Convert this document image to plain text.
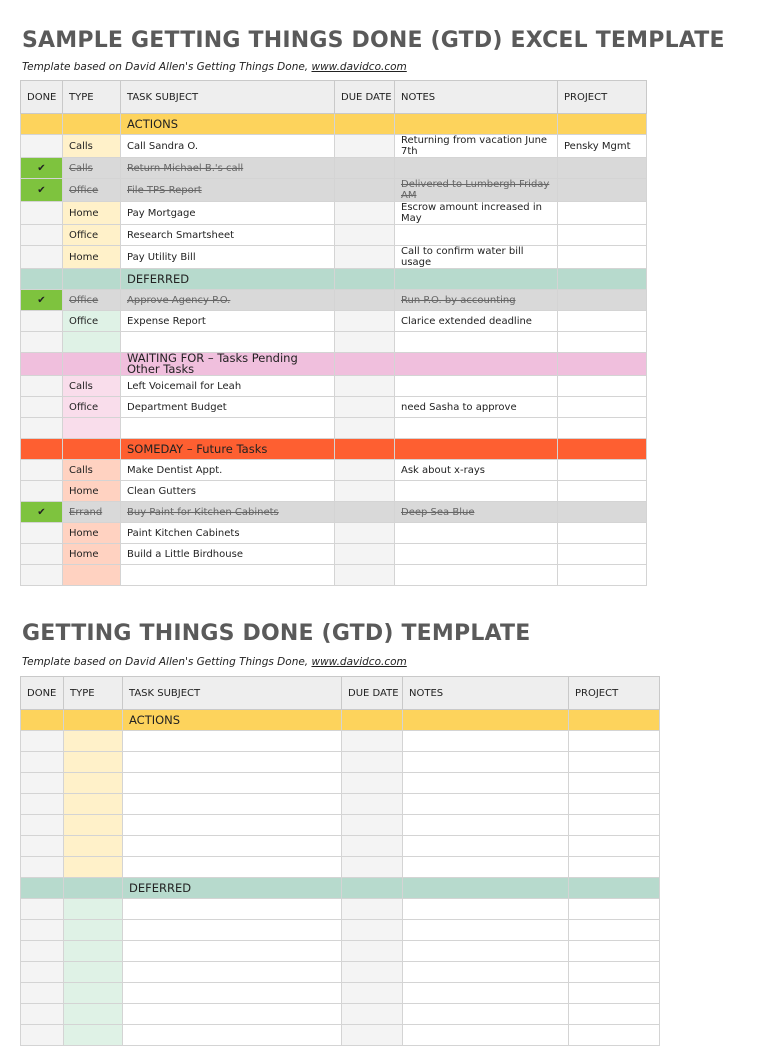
SAMPLE GETTING THINGS DONE (GTD) EXCEL TEMPLATE
Template based on David Allen's Getting Things Done, www.davidco.com
DONE	TYPE	TASK SUBJECT	DUE DATE	NOTES	PROJECT
		ACTIONS			
	Calls	Call Sandra O.		Returning from vacation June 7th	Pensky Mgmt
✔	Calls	Return Michael B.'s call			
✔	Office	File TPS Report		Delivered to Lumbergh Friday AM	
	Home	Pay Mortgage		Escrow amount increased in May	
	Office	Research Smartsheet			
	Home	Pay Utility Bill		Call to confirm water bill usage	
		DEFERRED			
✔	Office	Approve Agency P.O.		Run P.O. by accounting	
	Office	Expense Report		Clarice extended deadline	

		WAITING FOR – Tasks Pending Other Tasks			
	Calls	Left Voicemail for Leah			
	Office	Department Budget		need Sasha to approve	

		SOMEDAY – Future Tasks			
	Calls	Make Dentist Appt.		Ask about x-rays	
	Home	Clean Gutters			
✔	Errand	Buy Paint for Kitchen Cabinets		Deep Sea Blue	
	Home	Paint Kitchen Cabinets			
	Home	Build a Little Birdhouse			

GETTING THINGS DONE (GTD) TEMPLATE
Template based on David Allen's Getting Things Done, www.davidco.com
DONE	TYPE	TASK SUBJECT	DUE DATE	NOTES	PROJECT
		ACTIONS			

		DEFERRED			
